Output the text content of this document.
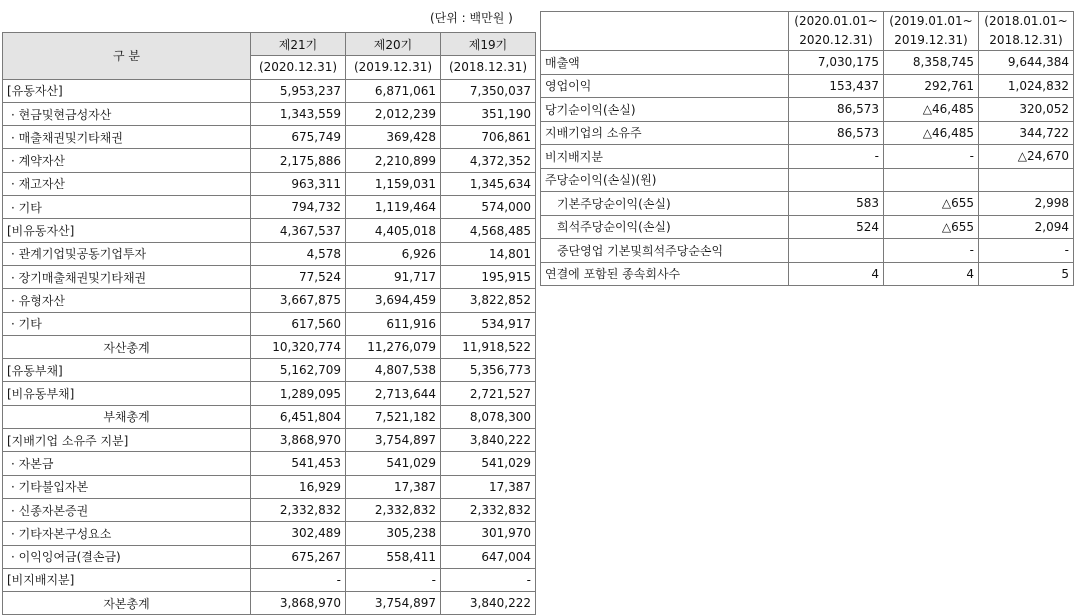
(단위 : 백만원 )
구 분	제21기	제20기	제19기
	(2020.12.31)	(2019.12.31)	(2018.12.31)
[유동자산]	5,953,237	6,871,061	7,350,037
· 현금및현금성자산	1,343,559	2,012,239	351,190
· 매출채권및기타채권	675,749	369,428	706,861
· 계약자산	2,175,886	2,210,899	4,372,352
· 재고자산	963,311	1,159,031	1,345,634
· 기타	794,732	1,119,464	574,000
[비유동자산]	4,367,537	4,405,018	4,568,485
· 관계기업및공동기업투자	4,578	6,926	14,801
· 장기매출채권및기타채권	77,524	91,717	195,915
· 유형자산	3,667,875	3,694,459	3,822,852
· 기타	617,560	611,916	534,917
자산총계	10,320,774	11,276,079	11,918,522
[유동부채]	5,162,709	4,807,538	5,356,773
[비유동부채]	1,289,095	2,713,644	2,721,527
부채총계	6,451,804	7,521,182	8,078,300
[지배기업 소유주 지분]	3,868,970	3,754,897	3,840,222
· 자본금	541,453	541,029	541,029
· 기타불입자본	16,929	17,387	17,387
· 신종자본증권	2,332,832	2,332,832	2,332,832
· 기타자본구성요소	302,489	305,238	301,970
· 이익잉여금(결손금)	675,267	558,411	647,004
[비지배지분]	-	-	-
자본총계	3,868,970	3,754,897	3,840,222
	(2020.01.01~	(2019.01.01~	(2018.01.01~
	2020.12.31)	2019.12.31)	2018.12.31)
매출액	7,030,175	8,358,745	9,644,384
영업이익	153,437	292,761	1,024,832
당기순이익(손실)	86,573	△46,485	320,052
지배기업의 소유주	86,573	△46,485	344,722
비지배지분	-	-	△24,670
주당순이익(손실)(원)			
기본주당순이익(손실)	583	△655	2,998
희석주당순이익(손실)	524	△655	2,094
중단영업 기본및희석주당순손익		-	-
연결에 포함된 종속회사수	4	4	5
